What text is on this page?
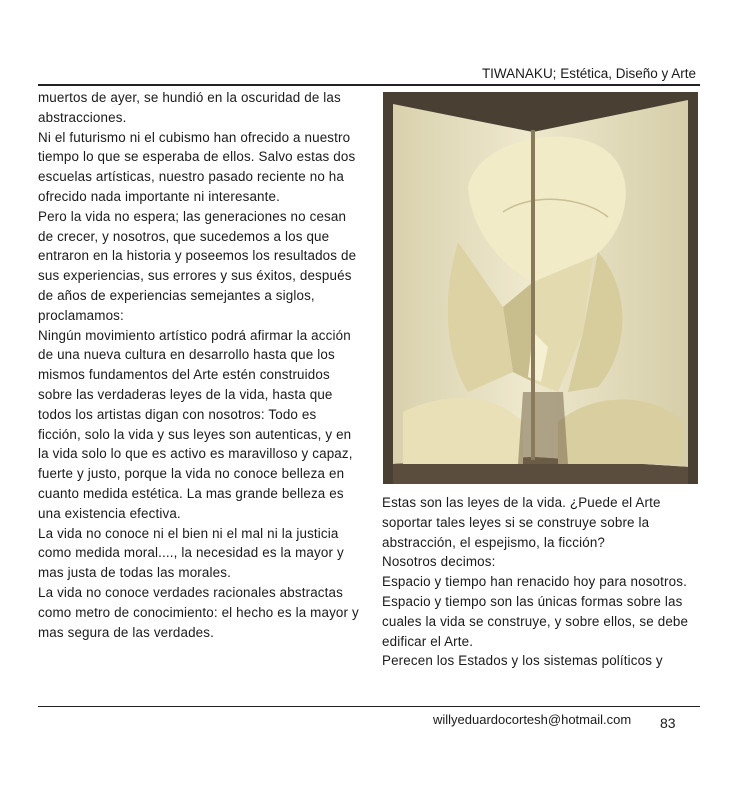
TIWANAKU; Estética, Diseño y Arte

muertos de ayer, se hundió en la oscuridad de las abstracciones.

Ni el futurismo ni el cubismo han ofrecido a nuestro tiempo lo que se esperaba de ellos. Salvo estas dos escuelas artísticas, nuestro pasado reciente no ha ofrecido nada importante ni interesante.

Pero la vida no espera; las generaciones no cesan de crecer, y nosotros, que sucedemos a los que entraron en la historia y poseemos los resultados de sus experiencias, sus errores y sus éxitos, después de años de experiencias semejantes a siglos, proclamamos:

Ningún movimiento artístico podrá afirmar la acción de una nueva cultura en desarrollo hasta que los mismos fundamentos del Arte estén construidos sobre las verdaderas leyes de la vida, hasta que todos los artistas digan con nosotros: Todo es ficción, solo la vida y sus leyes son autenticas, y en la vida solo lo que es activo es maravilloso y capaz, fuerte y justo, porque la vida no conoce belleza en cuanto medida estética. La mas grande belleza es una existencia efectiva.

La vida no conoce ni el bien ni el mal ni la justicia como medida moral...., la necesidad es la mayor y mas justa de todas las morales.

La vida no conoce verdades racionales abstractas como metro de conocimiento: el hecho es la mayor y mas segura de las verdades.

Estas son las leyes de la vida. ¿Puede el Arte soportar tales leyes si se construye sobre la abstracción, el espejismo, la ficción?

Nosotros decimos:

Espacio y tiempo han renacido hoy para nosotros.

Espacio y tiempo son las únicas formas sobre las cuales la vida se construye, y sobre ellos, se debe edificar el Arte.

Perecen los Estados y los sistemas políticos y

willyeduardocortesh@hotmail.com 83
